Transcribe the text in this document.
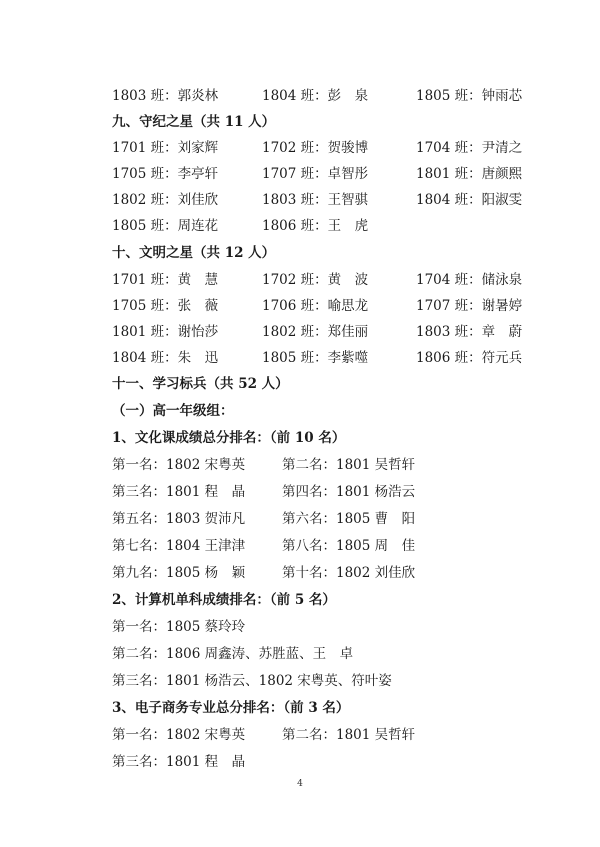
1803 班：郭炎林	1804 班：彭　泉	1805 班：钟雨芯
九、守纪之星（共 11 人）
1701 班：刘家辉	1702 班：贺骏博	1704 班：尹清之
1705 班：李亭轩	1707 班：卓智彤	1801 班：唐颜熙
1802 班：刘佳欣	1803 班：王智骐	1804 班：阳淑雯
1805 班：周连花	1806 班：王　虎
十、文明之星（共 12 人）
1701 班：黄　慧	1702 班：黄　波	1704 班：储泳泉
1705 班：张　薇	1706 班：喻思龙	1707 班：谢暑婷
1801 班：谢怡莎	1802 班：郑佳丽	1803 班：章　蔚
1804 班：朱　迅	1805 班：李紫噬	1806 班：符元兵
十一、学习标兵（共 52 人）
（一）高一年级组：
1、文化课成绩总分排名：（前 10 名）
第一名：1802 宋粤英	第二名：1801 吴哲轩
第三名：1801 程　晶	第四名：1801 杨浩云
第五名：1803 贺沛凡	第六名：1805 曹　阳
第七名：1804 王津津	第八名：1805 周　佳
第九名：1805 杨　颖	第十名：1802 刘佳欣
2、计算机单科成绩排名：（前 5 名）
第一名：1805 蔡玲玲
第二名：1806 周鑫涛、苏胜蓝、王　卓
第三名：1801 杨浩云、1802 宋粤英、符叶姿
3、电子商务专业总分排名：（前 3 名）
第一名：1802 宋粤英	第二名：1801 吴哲轩
第三名：1801 程　晶
4
